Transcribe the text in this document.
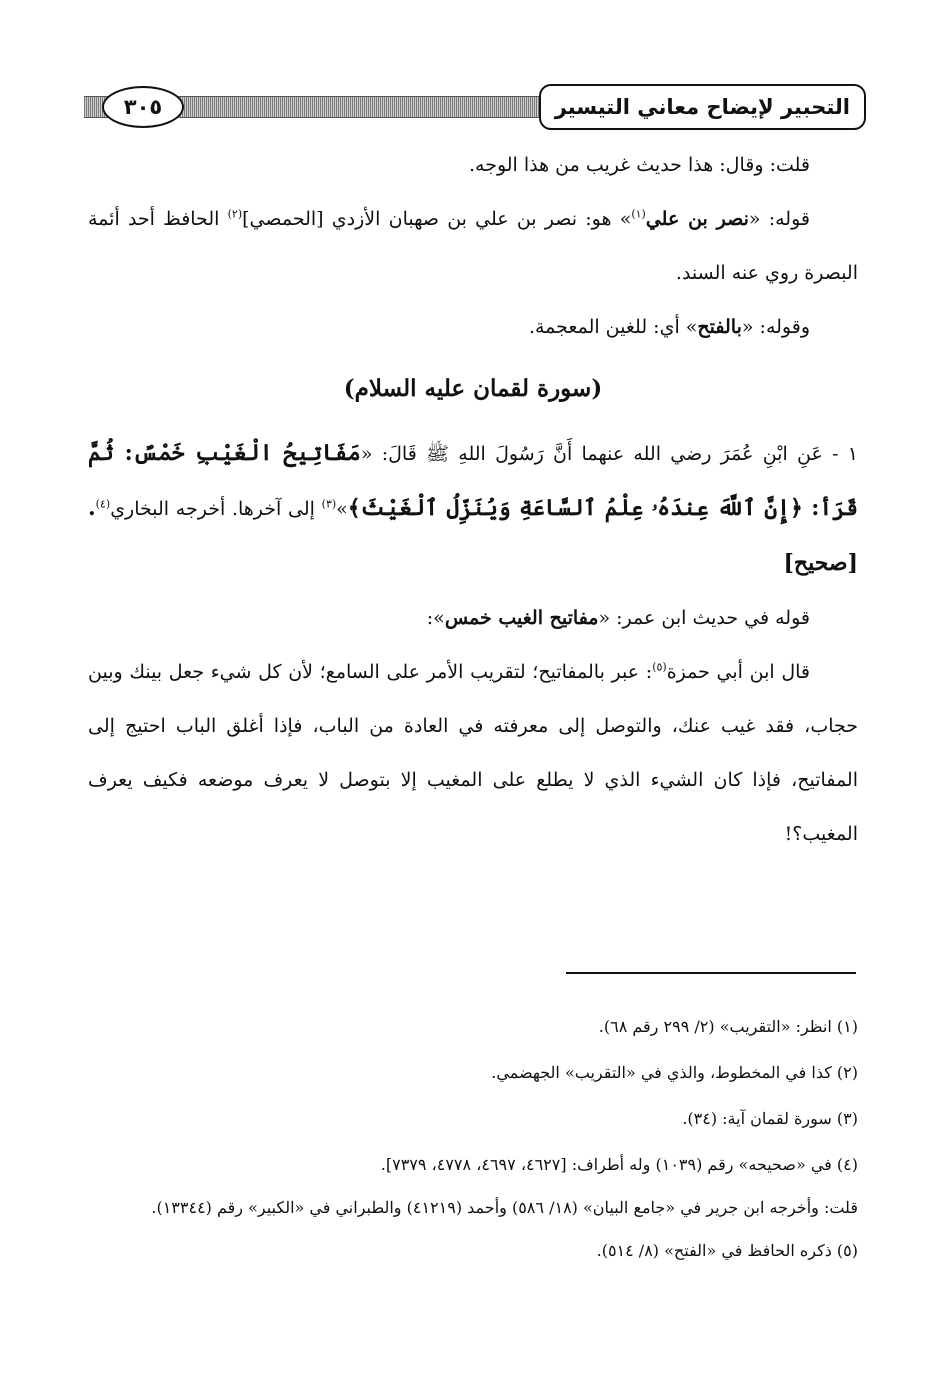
٣٠٥	التحبير لإيضاح معاني التيسير

قلت: وقال: هذا حديث غريب من هذا الوجه.

قوله: «نصر بن علي$^{(١)}$» هو: نصر بن علي بن صهبان الأزدي [الحمصي]$^{(٢)}$ الحافظ أحد أئمة البصرة روي عنه السند.

وقوله: «بالفتح» أي: للغين المعجمة.

(سورة لقمان عليه السلام)

١ - عَنِ ابْنِ عُمَرَ رضي الله عنهما أَنَّ رَسُولَ اللهِ ﷺ قَالَ: «مَفَاتِيحُ الْغَيْبِ خَمْسٌ: ثُمَّ قَرَأ: ﴿إِنَّ ٱللَّهَ عِندَهُۥ عِلْمُ ٱلسَّاعَةِ وَيُنَزِّلُ ٱلْغَيْثَ﴾»$^{(٣)}$ إلى آخرها. أخرجه البخاري$^{(٤)}$. [صحيح]

قوله في حديث ابن عمر: «مفاتيح الغيب خمس»:

قال ابن أبي حمزة$^{(٥)}$: عبر بالمفاتيح؛ لتقريب الأمر على السامع؛ لأن كل شيء جعل بينك وبين حجاب، فقد غيب عنك، والتوصل إلى معرفته في العادة من الباب، فإذا أغلق الباب احتيج إلى المفاتيح، فإذا كان الشيء الذي لا يطلع على المغيب إلا بتوصل لا يعرف موضعه فكيف يعرف المغيب؟!

(١) انظر: «التقريب» (٢/ ٢٩٩ رقم ٦٨).

(٢) كذا في المخطوط، والذي في «التقريب» الجهضمي.

(٣) سورة لقمان آية: (٣٤).

(٤) في «صحيحه» رقم (١٠٣٩) وله أطراف: [٤٦٢٧، ٤٦٩٧، ٤٧٧٨، ٧٣٧٩].

قلت: وأخرجه ابن جرير في «جامع البيان» (١٨/ ٥٨٦) وأحمد (٤١٢١٩) والطبراني في «الكبير» رقم (١٣٣٤٤).

(٥) ذكره الحافظ في «الفتح» (٨/ ٥١٤).
